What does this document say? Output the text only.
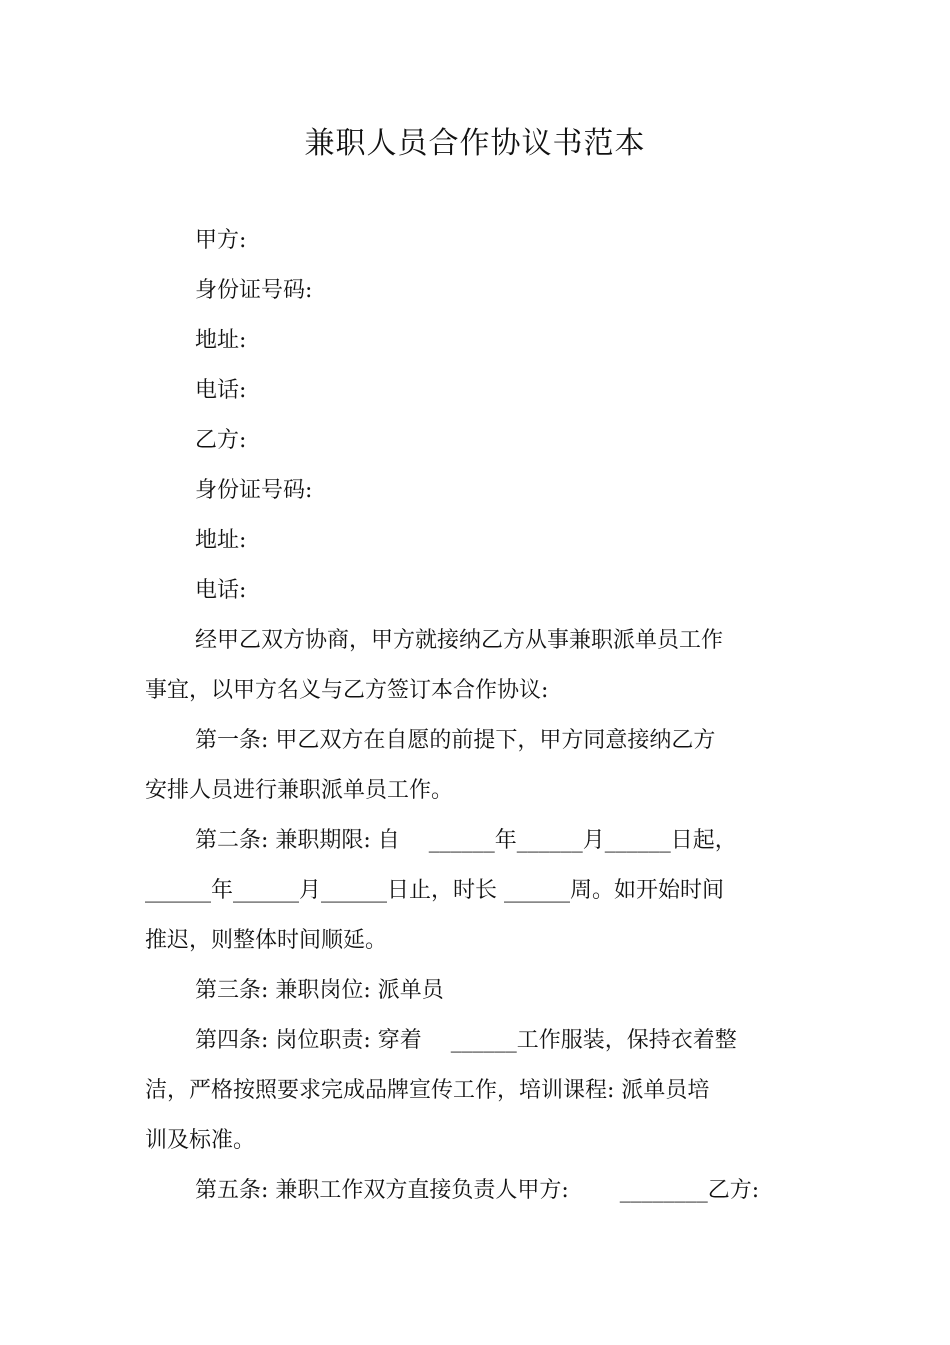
兼职人员合作协议书范本
甲方:
身份证号码:
地址:
电话:
乙方:
身份证号码:
地址:
电话:
经甲乙双方协商，甲方就接纳乙方从事兼职派单员工作
事宜，以甲方名义与乙方签订本合作协议:
第一条: 甲乙双方在自愿的前提下，甲方同意接纳乙方
安排人员进行兼职派单员工作。
第二条: 兼职期限: 自　 ______年______月______日起，
______年______月______日止，时长 ______周。如开始时间
推迟，则整体时间顺延。
第三条: 兼职岗位: 派单员
第四条: 岗位职责: 穿着　 ______工作服装，保持衣着整
洁，严格按照要求完成品牌宣传工作，培训课程: 派单员培
训及标准。
第五条: 兼职工作双方直接负责人甲方:　　 ________乙方:
